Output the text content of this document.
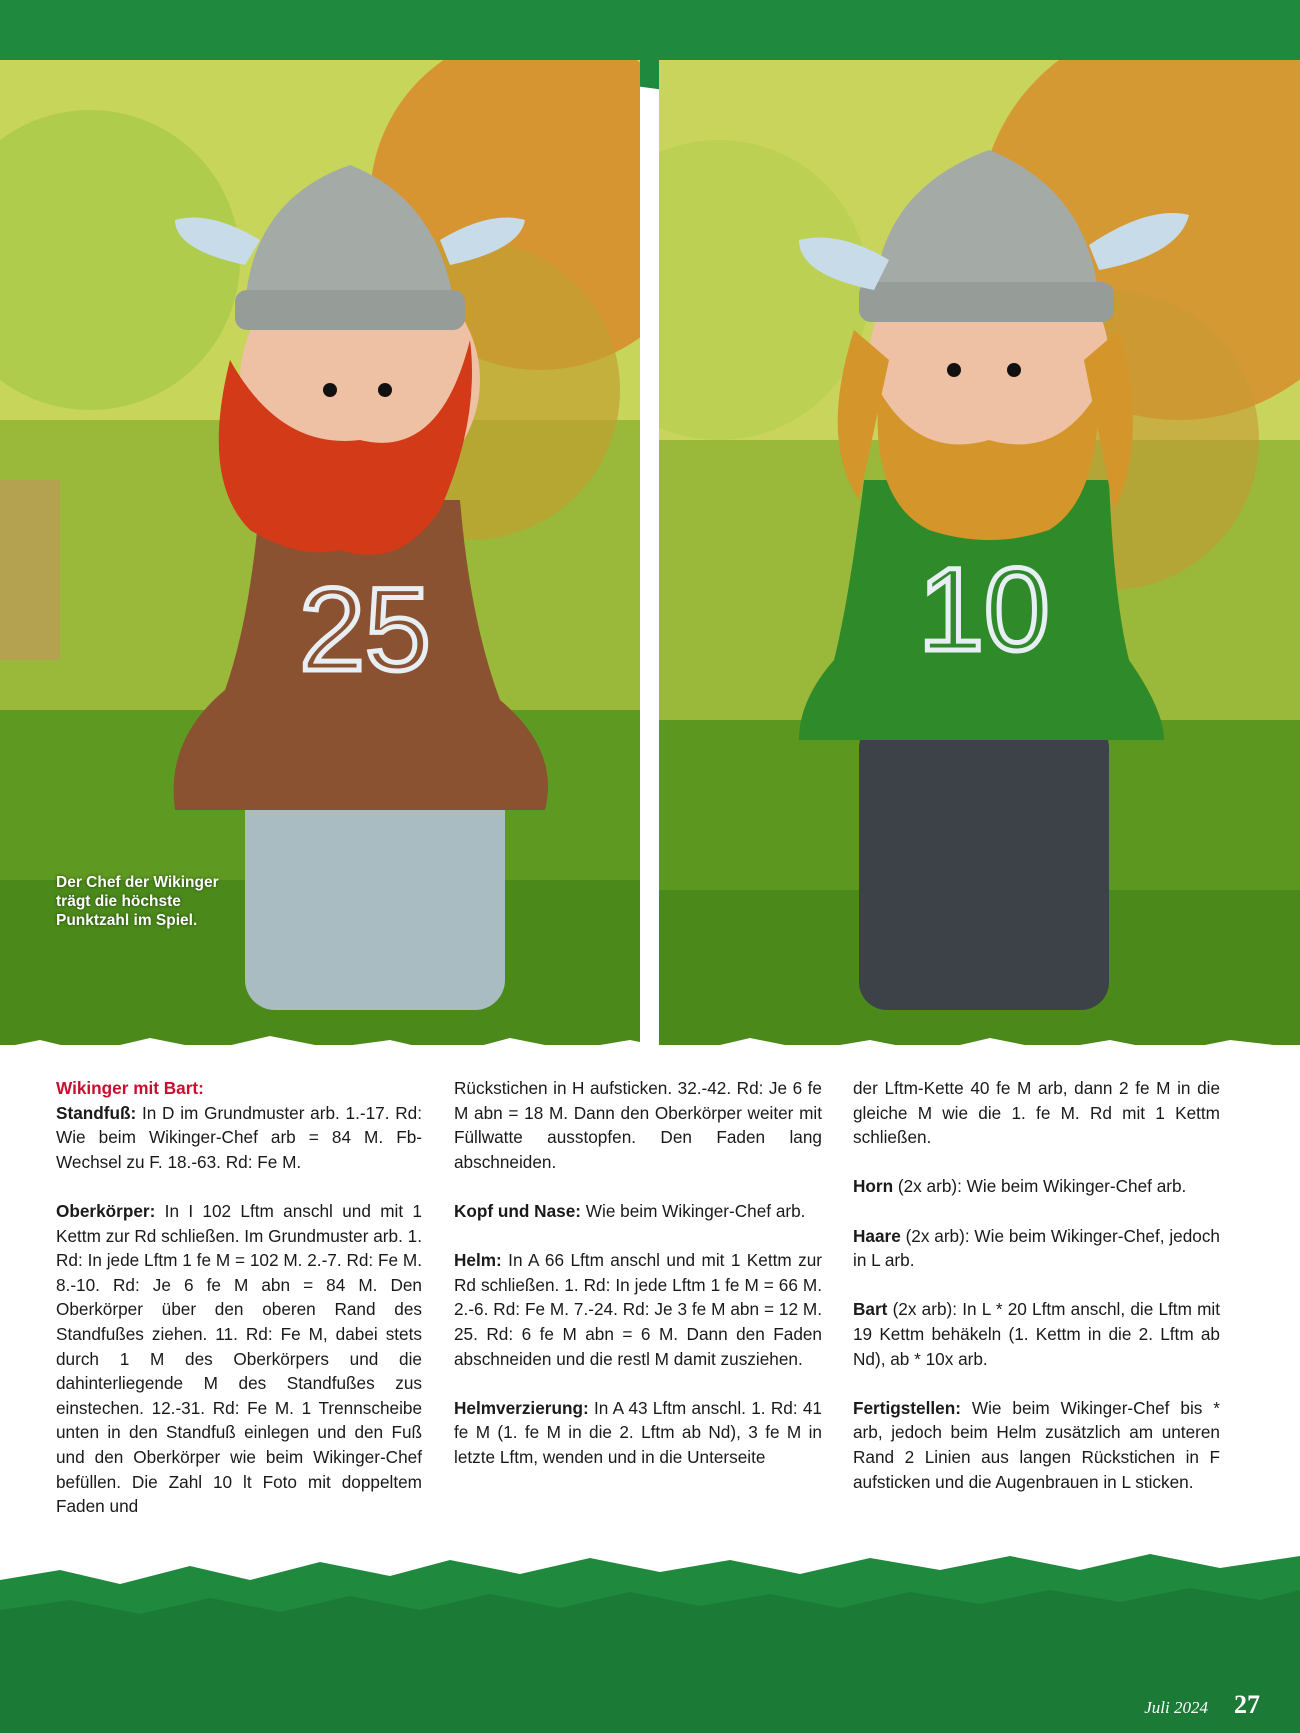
25	10
Der Chef der Wikinger trägt die höchste Punktzahl im Spiel.

Wikinger mit Bart:
Standfuß: In D im Grundmuster arb. 1.-17. Rd: Wie beim Wikinger-Chef arb = 84 M. Fb-Wechsel zu F. 18.-63. Rd: Fe M.

Oberkörper: In I 102 Lftm anschl und mit 1 Kettm zur Rd schließen. Im Grundmuster arb. 1. Rd: In jede Lftm 1 fe M = 102 M. 2.-7. Rd: Fe M. 8.-10. Rd: Je 6 fe M abn = 84 M. Den Oberkörper über den oberen Rand des Standfußes ziehen. 11. Rd: Fe M, dabei stets durch 1 M des Oberkörpers und die dahinterliegende M des Standfußes zus einstechen. 12.-31. Rd: Fe M. 1 Trennscheibe unten in den Standfuß einlegen und den Fuß und den Oberkörper wie beim Wikinger-Chef befüllen. Die Zahl 10 lt Foto mit doppeltem Faden und

Rückstichen in H aufsticken. 32.-42. Rd: Je 6 fe M abn = 18 M. Dann den Oberkörper weiter mit Füllwatte ausstopfen. Den Faden lang abschneiden.

Kopf und Nase: Wie beim Wikinger-Chef arb.

Helm: In A 66 Lftm anschl und mit 1 Kettm zur Rd schließen. 1. Rd: In jede Lftm 1 fe M = 66 M. 2.-6. Rd: Fe M. 7.-24. Rd: Je 3 fe M abn = 12 M. 25. Rd: 6 fe M abn = 6 M. Dann den Faden abschneiden und die restl M damit zusziehen.

Helmverzierung: In A 43 Lftm anschl. 1. Rd: 41 fe M (1. fe M in die 2. Lftm ab Nd), 3 fe M in letzte Lftm, wenden und in die Unterseite

der Lftm-Kette 40 fe M arb, dann 2 fe M in die gleiche M wie die 1. fe M. Rd mit 1 Kettm schließen.

Horn (2x arb): Wie beim Wikinger-Chef arb.

Haare (2x arb): Wie beim Wikinger-Chef, jedoch in L arb.

Bart (2x arb): In L * 20 Lftm anschl, die Lftm mit 19 Kettm behäkeln (1. Kettm in die 2. Lftm ab Nd), ab * 10x arb.

Fertigstellen: Wie beim Wikinger-Chef bis * arb, jedoch beim Helm zusätzlich am unteren Rand 2 Linien aus langen Rückstichen in F aufsticken und die Augenbrauen in L sticken.

Juli 2024 27
